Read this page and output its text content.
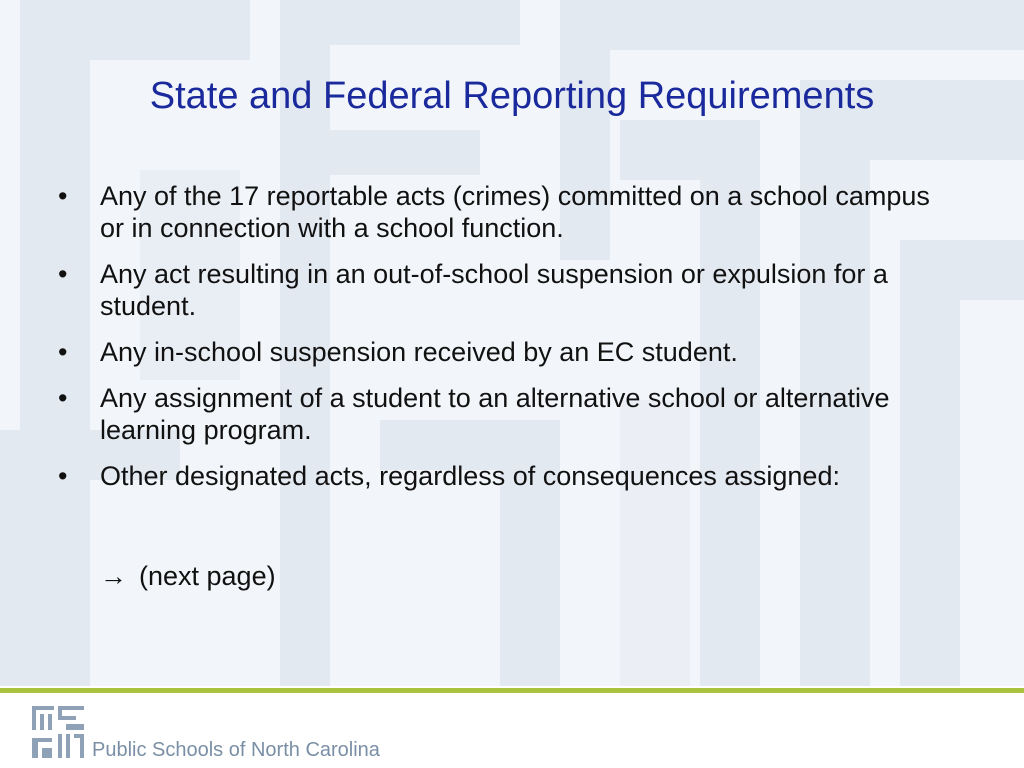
State and Federal Reporting Requirements
•	Any of the 17 reportable acts (crimes) committed on a school campus or in connection with a school function.
•	Any act resulting in an out-of-school suspension or expulsion for a student.
•	Any in-school suspension received by an EC student.
•	Any assignment of a student to an alternative school or alternative learning program.
•	Other designated acts, regardless of consequences assigned:
→ (next page)
Public Schools of North Carolina
